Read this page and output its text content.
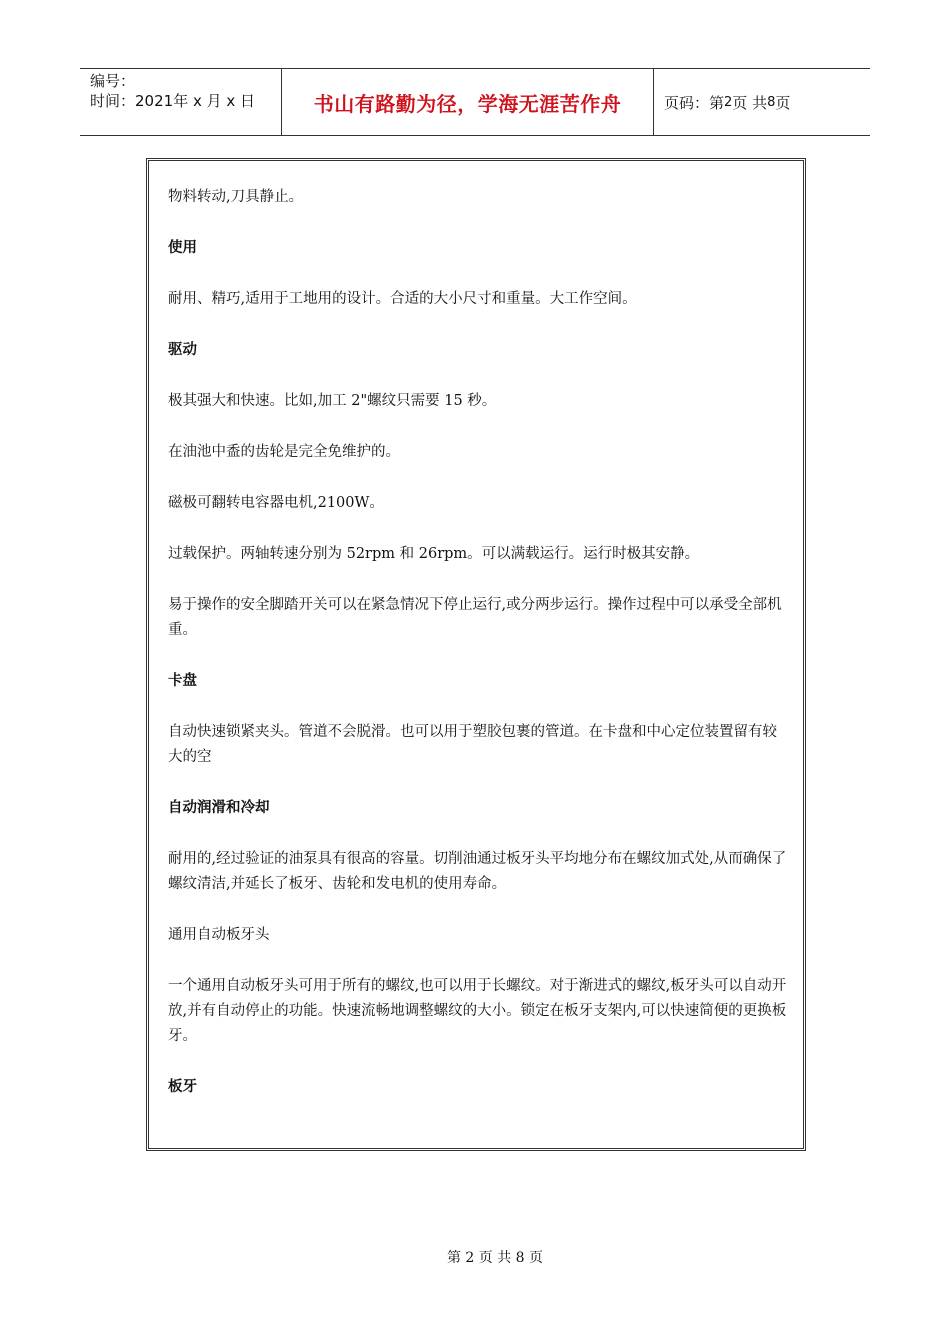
编号：
时间：2021年 x 月 x 日	书山有路勤为径，学海无涯苦作舟	页码：第 2 页 共 8 页

物料转动,刀具静止。

使用

耐用、精巧,适用于工地用的设计。合适的大小尺寸和重量。大工作空间。

驱动

极其强大和快速。比如,加工 2"螺纹只需要 15 秒。

在油池中盉的齿轮是完全免维护的。

磁极可翻转电容器电机,2100W。

过载保护。两轴转速分别为 52rpm 和 26rpm。可以满载运行。运行时极其安静。

易于操作的安全脚踏开关可以在紧急情况下停止运行,或分两步运行。操作过程中可以承受全部机重。

卡盘

自动快速锁紧夹头。管道不会脱滑。也可以用于塑胶包裹的管道。在卡盘和中心定位装置留有较大的空

自动润滑和冷却

耐用的,经过验证的油泵具有很高的容量。切削油通过板牙头平均地分布在螺纹加式处,从而确保了螺纹清洁,并延长了板牙、齿轮和发电机的使用寿命。

通用自动板牙头

一个通用自动板牙头可用于所有的螺纹,也可以用于长螺纹。对于渐进式的螺纹,板牙头可以自动开放,并有自动停止的功能。快速流畅地调整螺纹的大小。锁定在板牙支架内,可以快速简便的更换板牙。

板牙

第 2 页 共 8 页
